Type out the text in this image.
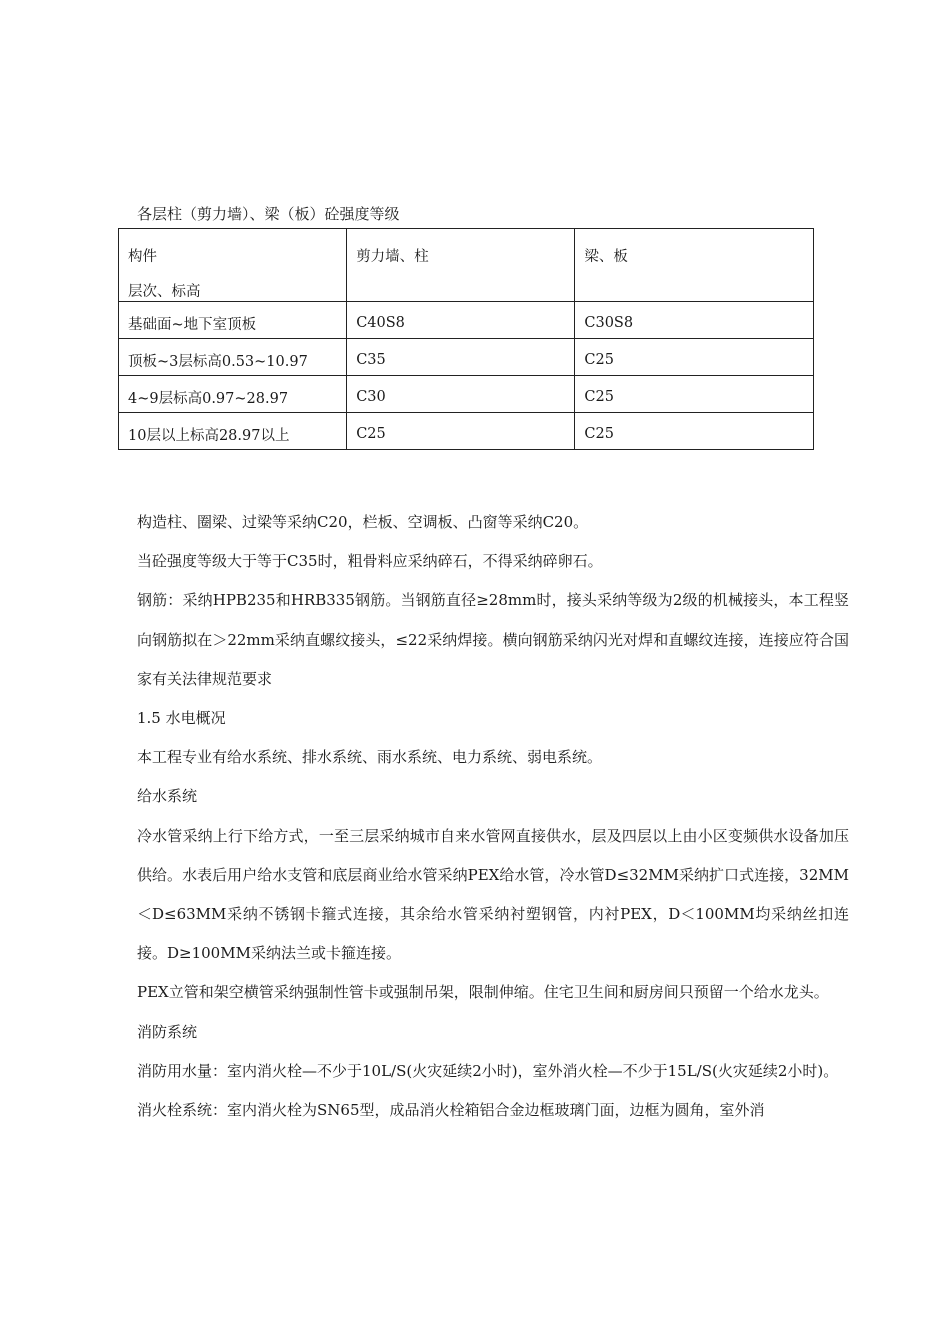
各层柱（剪力墙）、梁（板）砼强度等级
构件
层次、标高	剪力墙、柱	梁、板
基础面~地下室顶板	C40S8	C30S8
顶板~3层标高0.53~10.97	C35	C25
4~9层标高0.97~28.97	C30	C25
10层以上标高28.97以上	C25	C25

构造柱、圈梁、过梁等采纳C20，栏板、空调板、凸窗等采纳C20。

当砼强度等级大于等于C35时，粗骨料应采纳碎石，不得采纳碎卵石。

钢筋：采纳HPB235和HRB335钢筋。当钢筋直径≥28mm时，接头采纳等级为2级的机械接头，本工程竖向钢筋拟在＞22mm采纳直螺纹接头，≤22采纳焊接。横向钢筋采纳闪光对焊和直螺纹连接，连接应符合国家有关法律规范要求

1.5 水电概况

本工程专业有给水系统、排水系统、雨水系统、电力系统、弱电系统。

给水系统

冷水管采纳上行下给方式，一至三层采纳城市自来水管网直接供水，层及四层以上由小区变频供水设备加压供给。水表后用户给水支管和底层商业给水管采纳PEX给水管，冷水管D≤32MM采纳扩口式连接，32MM＜D≤63MM采纳不锈钢卡箍式连接，其余给水管采纳衬塑钢管，内衬PEX，D＜100MM均采纳丝扣连接。D≥100MM采纳法兰或卡箍连接。

PEX立管和架空横管采纳强制性管卡或强制吊架，限制伸缩。住宅卫生间和厨房间只预留一个给水龙头。

消防系统

消防用水量：室内消火栓—不少于10L/S(火灾延续2小时)，室外消火栓—不少于15L/S(火灾延续2小时)。

消火栓系统：室内消火栓为SN65型，成品消火栓箱铝合金边框玻璃门面，边框为圆角，室外消
